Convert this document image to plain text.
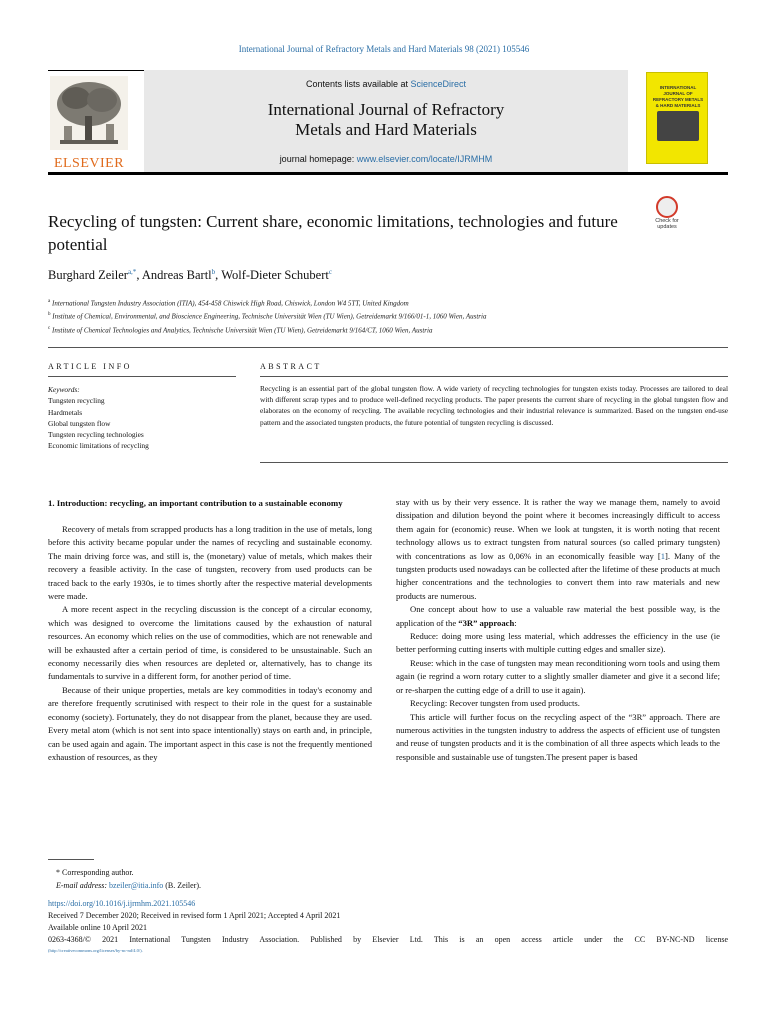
International Journal of Refractory Metals and Hard Materials 98 (2021) 105546
ELSEVIER
Contents lists available at ScienceDirect
International Journal of Refractory
Metals and Hard Materials
journal homepage: www.elsevier.com/locate/IJRMHM
INTERNATIONAL JOURNAL OF REFRACTORY METALS & HARD MATERIALS
Recycling of tungsten: Current share, economic limitations, technologies and future potential
Check for
updates
Burghard Zeiler$^{a,*}$, Andreas Bartl$^b$, Wolf-Dieter Schubert$^c$
$^a$ International Tungsten Industry Association (ITIA), 454-458 Chiswick High Road, Chiswick, London W4 5TT, United Kingdom
$^b$ Institute of Chemical, Environmental, and Bioscience Engineering, Technische Universität Wien (TU Wien), Getreidemarkt 9/166/01-1, 1060 Wien, Austria
$^c$ Institute of Chemical Technologies and Analytics, Technische Universität Wien (TU Wien), Getreidemarkt 9/164/CT, 1060 Wien, Austria
ARTICLE INFO	ABSTRACT
Keywords:
Tungsten recycling
Hardmetals
Global tungsten flow
Tungsten recycling technologies
Economic limitations of recycling
Recycling is an essential part of the global tungsten flow. A wide variety of recycling technologies for tungsten exists today. Processes are tailored to deal with different scrap types and to produce well-defined recycling products. The paper presents the current share of recycling in the global tungsten flow and elaborates on the economy of recycling. The available recycling technologies and their industrial relevance is summarized. Based on the tungsten end-use pattern and the associated tungsten products, the future potential of tungsten recycling is discussed.
1. Introduction: recycling, an important contribution to a sustainable economy

Recovery of metals from scrapped products has a long tradition in the use of metals, long before this activity became popular under the names of recycling and sustainable economy. The main driving force was, and still is, the (monetary) value of metals, which makes their recovery a feasible activity. In the case of tungsten, recovery from used products can be traced back to the early 1930s, ie to times shortly after the respective material developments were made.

A more recent aspect in the recycling discussion is the concept of a circular economy, which was designed to overcome the limitations caused by the exhaustion of natural resources. An economy which relies on the use of commodities, which are not renewable and will be exhausted after a certain period of time, is considered to be unsustainable. Such an economy necessarily dies when resources are depleted or, alternatively, has to change its fundamentals to survive in a different form, for another period of time.

Because of their unique properties, metals are key commodities in today's economy and are therefore frequently scrutinised with respect to their role in the quest for a sustainable economy (society). Fortunately, they do not disappear from the planet, because they are used. Every metal atom (which is not sent into space intentionally) stays on earth and, in principle, can be used again and again. The important aspect in this case is not the frequently mentioned exhaustion of resources, as they

stay with us by their very essence. It is rather the way we manage them, namely to avoid dissipation and dilution beyond the point where it becomes increasingly difficult to access them again for (economic) reuse. When we look at tungsten, it is worth noting that recent technology allows us to extract tungsten from natural sources (so called primary tungsten) with concentrations as low as 0,06% in an economically feasible way [1]. Many of the tungsten products used nowadays can be collected after the lifetime of these products at much higher concentrations and the technologies to convert them into raw materials and new products are numerous.

One concept about how to use a valuable raw material the best possible way, is the application of the “3R” approach:

Reduce: doing more using less material, which addresses the efficiency in the use (ie better performing cutting inserts with multiple cutting edges and smaller size).

Reuse: which in the case of tungsten may mean reconditioning worn tools and using them again (ie regrind a worn rotary cutter to a slightly smaller diameter and give it a second life; or re-sharpen the cutting edge of a drill to use it again).

Recycling: Recover tungsten from used products.

This article will further focus on the recycling aspect of the “3R” approach. There are numerous activities in the tungsten industry to address the aspects of efficient use of tungsten and reuse of tungsten products and it is the combination of all three aspects which leads to the responsible and sustainable use of tungsten.The present paper is based

* Corresponding author.
E-mail address: bzeiler@itia.info (B. Zeiler).
https://doi.org/10.1016/j.ijrmhm.2021.105546
Received 7 December 2020; Received in revised form 1 April 2021; Accepted 4 April 2021
Available online 10 April 2021
0263-4368/© 2021 International Tungsten Industry Association. Published by Elsevier Ltd. This is an open access article under the CC BY-NC-ND license
(http://creativecommons.org/licenses/by-nc-nd/4.0/).
